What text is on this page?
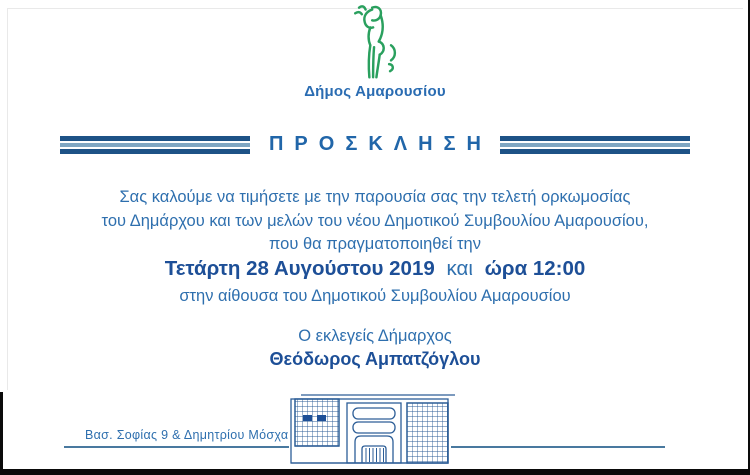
Δήμος Αμαρουσίου
ΠΡΟΣΚΛΗΣΗ
Σας καλούμε να τιμήσετε με την παρουσία σας την τελετή ορκωμοσίας
του Δημάρχου και των μελών του νέου Δημοτικού Συμβουλίου Αμαρουσίου,
που θα πραγματοποιηθεί την
Τετάρτη 28 Αυγούστου 2019 και ώρα 12:00
στην αίθουσα του Δημοτικού Συμβουλίου Αμαρουσίου
Ο εκλεγείς Δήμαρχος
Θεόδωρος Αμπατζόγλου
Βασ. Σοφίας 9 & Δημητρίου Μόσχα
